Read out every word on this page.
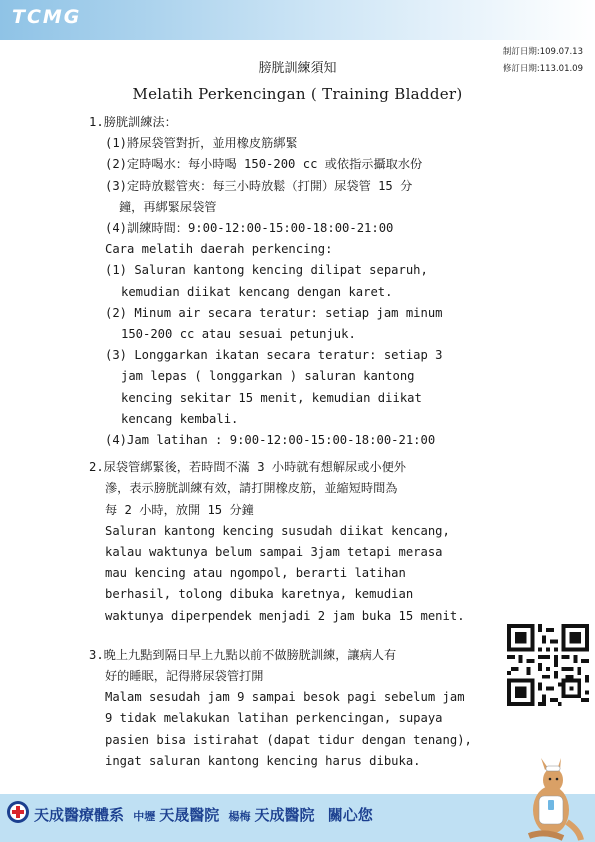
TCMG
制訂日期:109.07.13
修訂日期:113.01.09
膀胱訓練須知
Melatih Perkencingan ( Training Bladder)
1.膀胱訓練法：
(1)將尿袋管對折，並用橡皮筋綁緊
(2)定時喝水：每小時喝 150-200 cc 或依指示攝取水份
(3)定時放鬆管夾：每三小時放鬆（打開）尿袋管 15 分
鐘，再綁緊尿袋管
(4)訓練時間：9:00-12:00-15:00-18:00-21:00
Cara melatih daerah perkencing:
(1) Saluran kantong kencing dilipat separuh,
kemudian diikat kencang dengan karet.
(2) Minum air secara teratur: setiap jam minum
150-200 cc atau sesuai petunjuk.
(3) Longgarkan ikatan secara teratur: setiap 3
jam lepas ( longgarkan ) saluran kantong
kencing sekitar 15 menit, kemudian diikat
kencang kembali.
(4)Jam latihan : 9:00-12:00-15:00-18:00-21:00
2.尿袋管綁緊後，若時間不滿 3 小時就有想解尿或小便外
滲，表示膀胱訓練有效，請打開橡皮筋，並縮短時間為
每 2 小時，放開 15 分鐘
Saluran kantong kencing susudah diikat kencang,
kalau waktunya belum sampai 3jam tetapi merasa
mau kencing atau ngompol, berarti latihan
berhasil, tolong dibuka karetnya, kemudian
waktunya diperpendek menjadi 2 jam buka 15 menit.
3.晚上九點到隔日早上九點以前不做膀胱訓練，讓病人有
好的睡眠，記得將尿袋管打開
Malam sesudah jam 9 sampai besok pagi sebelum jam
9 tidak melakukan latihan perkencingan, supaya
pasien bisa istirahat (dapat tidur dengan tenang),
ingat saluran kantong kencing harus dibuka.
天成醫療體系 中壢 天晟醫院 楊梅 天成醫院 關心您
